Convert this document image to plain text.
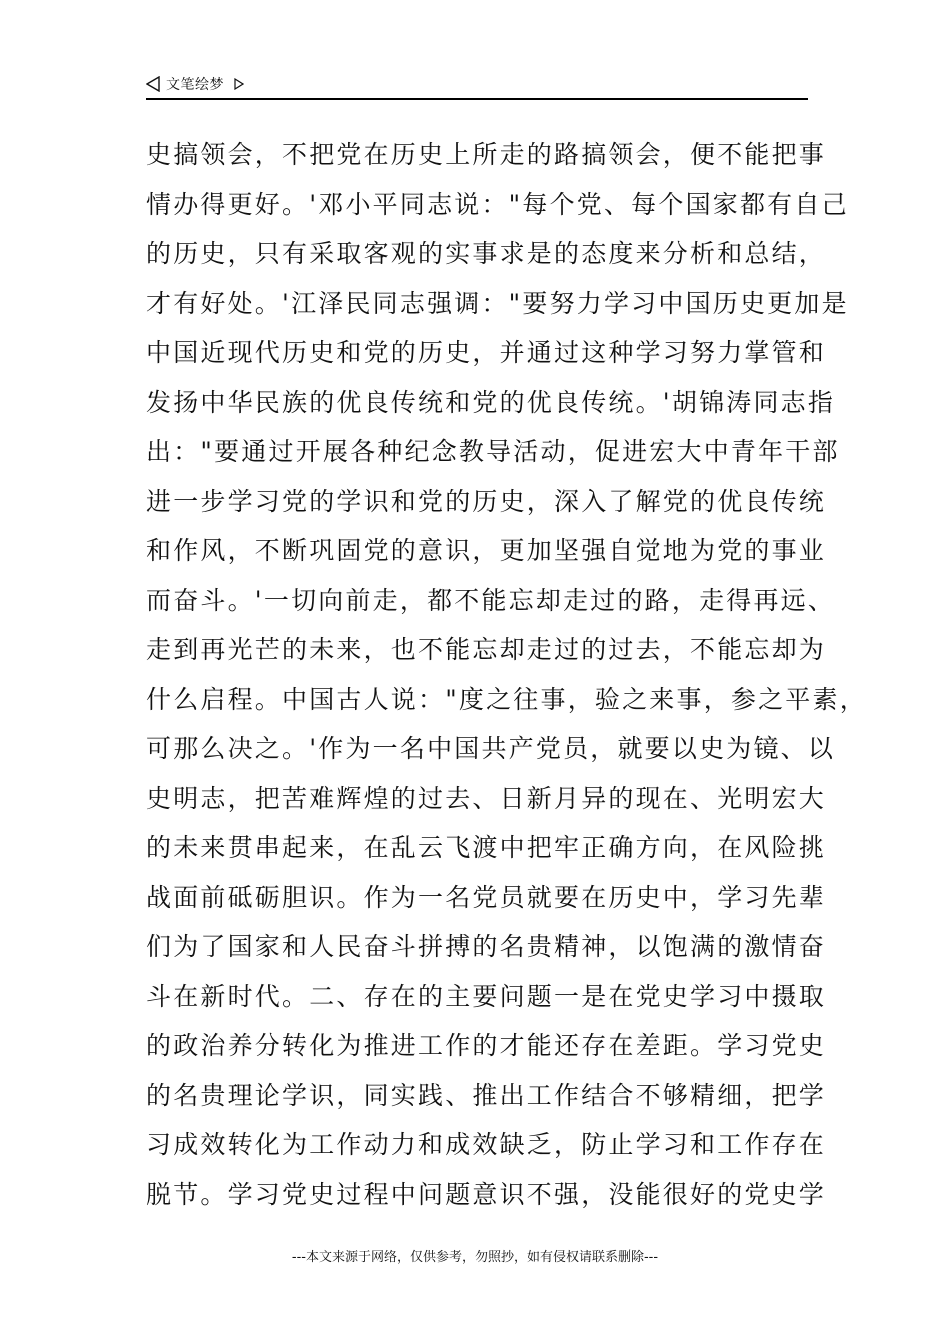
文笔绘梦
史搞领会，不把党在历史上所走的路搞领会，便不能把事
情办得更好。'邓小平同志说："每个党、每个国家都有自己
的历史，只有采取客观的实事求是的态度来分析和总结，
才有好处。'江泽民同志强调："要努力学习中国历史更加是
中国近现代历史和党的历史，并通过这种学习努力掌管和
发扬中华民族的优良传统和党的优良传统。'胡锦涛同志指
出："要通过开展各种纪念教导活动，促进宏大中青年干部
进一步学习党的学识和党的历史，深入了解党的优良传统
和作风，不断巩固党的意识，更加坚强自觉地为党的事业
而奋斗。'一切向前走，都不能忘却走过的路，走得再远、
走到再光芒的未来，也不能忘却走过的过去，不能忘却为
什么启程。中国古人说："度之往事，验之来事，参之平素，
可那么决之。'作为一名中国共产党员，就要以史为镜、以
史明志，把苦难辉煌的过去、日新月异的现在、光明宏大
的未来贯串起来，在乱云飞渡中把牢正确方向，在风险挑
战面前砥砺胆识。作为一名党员就要在历史中，学习先辈
们为了国家和人民奋斗拼搏的名贵精神，以饱满的激情奋
斗在新时代。二、存在的主要问题一是在党史学习中摄取
的政治养分转化为推进工作的才能还存在差距。学习党史
的名贵理论学识，同实践、推出工作结合不够精细，把学
习成效转化为工作动力和成效缺乏，防止学习和工作存在
脱节。学习党史过程中问题意识不强，没能很好的党史学
---本文来源于网络，仅供参考，勿照抄，如有侵权请联系删除---
